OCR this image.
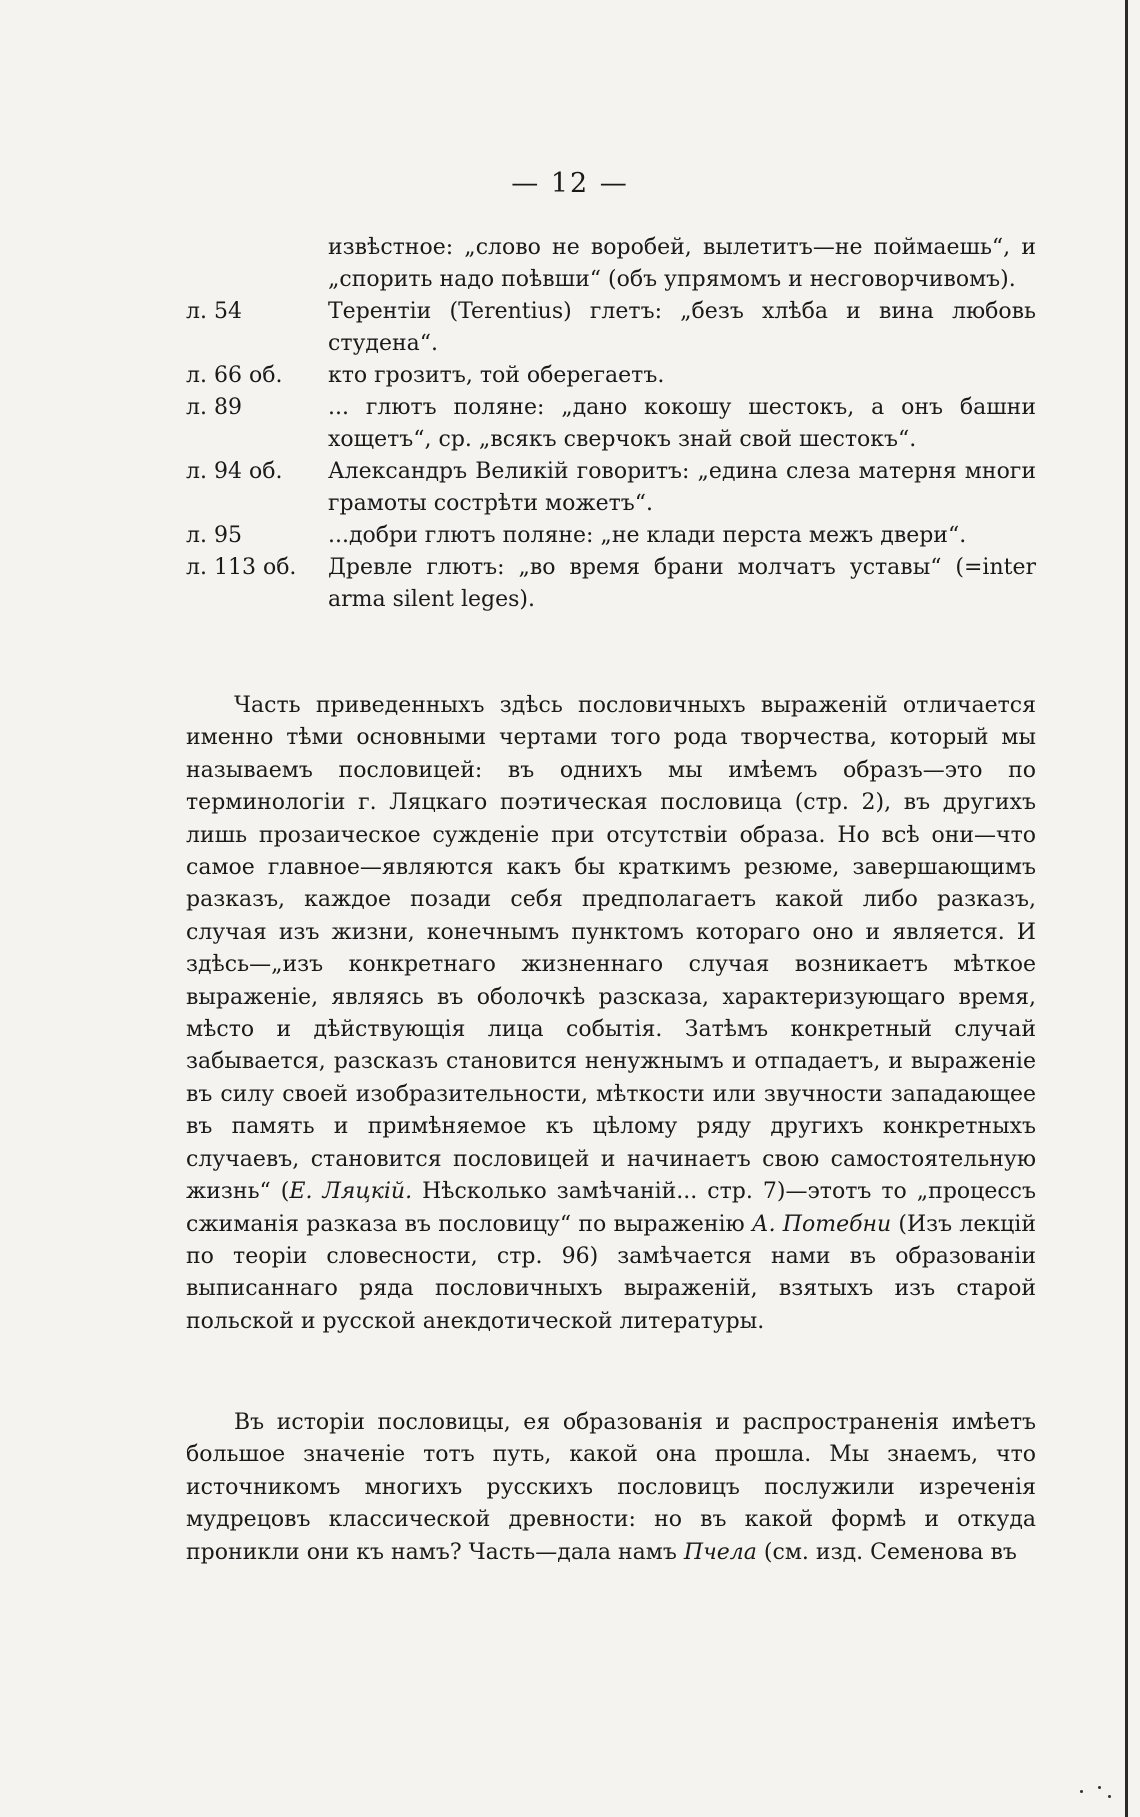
— 12 —
извѣстное: „слово не воробей, вылетитъ—не поймаешь“, и „спорить надо поѣвши“ (объ упрямомъ и несговорчивомъ).
л. 54	Терентiи (Terentius) глетъ: „безъ хлѣба и вина любовь студена“.
л. 66 об.	кто грозитъ, той оберегаетъ.
л. 89	... глютъ поляне: „дано кокошу шестокъ, а онъ башни хощетъ“, ср. „всякъ сверчокъ знай свой шестокъ“.
л. 94 об.	Александръ Великiй говоритъ: „едина слеза матерня многи грамоты сострѣти можетъ“.
л. 95	...добри глютъ поляне: „не клади перста межъ двери“.
л. 113 об.	Древле глютъ: „во время брани молчатъ уставы“ (=inter arma silent leges).

Часть приведенныхъ здѣсь пословичныхъ выраженiй отличается именно тѣми основными чертами того рода творчества, который мы называемъ пословицей: въ однихъ мы имѣемъ образъ—это по терминологiи г. Ляцкаго поэтическая пословица (стр. 2), въ другихъ лишь прозаическое сужденiе при отсутствiи образа. Но всѣ они—что самое главное—являются какъ бы краткимъ резюме, завершающимъ разказъ, каждое позади себя предполагаетъ какой либо разказъ, случая изъ жизни, конечнымъ пунктомъ котораго оно и является. И здѣсь—„изъ конкретнаго жизненнаго случая возникаетъ мѣткое выраженiе, являясь въ оболочкѣ разсказа, характеризующаго время, мѣсто и дѣйствующiя лица событiя. Затѣмъ конкретный случай забывается, разсказъ становится ненужнымъ и отпадаетъ, и выраженiе въ силу своей изобразительности, мѣткости или звучности западающее въ память и примѣняемое къ цѣлому ряду другихъ конкретныхъ случаевъ, становится пословицей и начинаетъ свою самостоятельную жизнь“ (Е. Ляцкiй. Нѣсколько замѣчанiй... стр. 7)—этотъ то „процессъ сжиманiя разказа въ пословицу“ по выраженiю А. Потебни (Изъ лекцiй по теорiи словесности, стр. 96) замѣчается нами въ образованiи выписаннаго ряда пословичныхъ выраженiй, взятыхъ изъ старой польской и русской анекдотической литературы.

Въ исторiи пословицы, ея образованiя и распространенiя имѣетъ большое значенiе тотъ путь, какой она прошла. Мы знаемъ, что источникомъ многихъ русскихъ пословицъ послужили изреченiя мудрецовъ классической древности: но въ какой формѣ и откуда проникли они къ намъ? Часть—дала намъ Пчела (см. изд. Семенова въ
